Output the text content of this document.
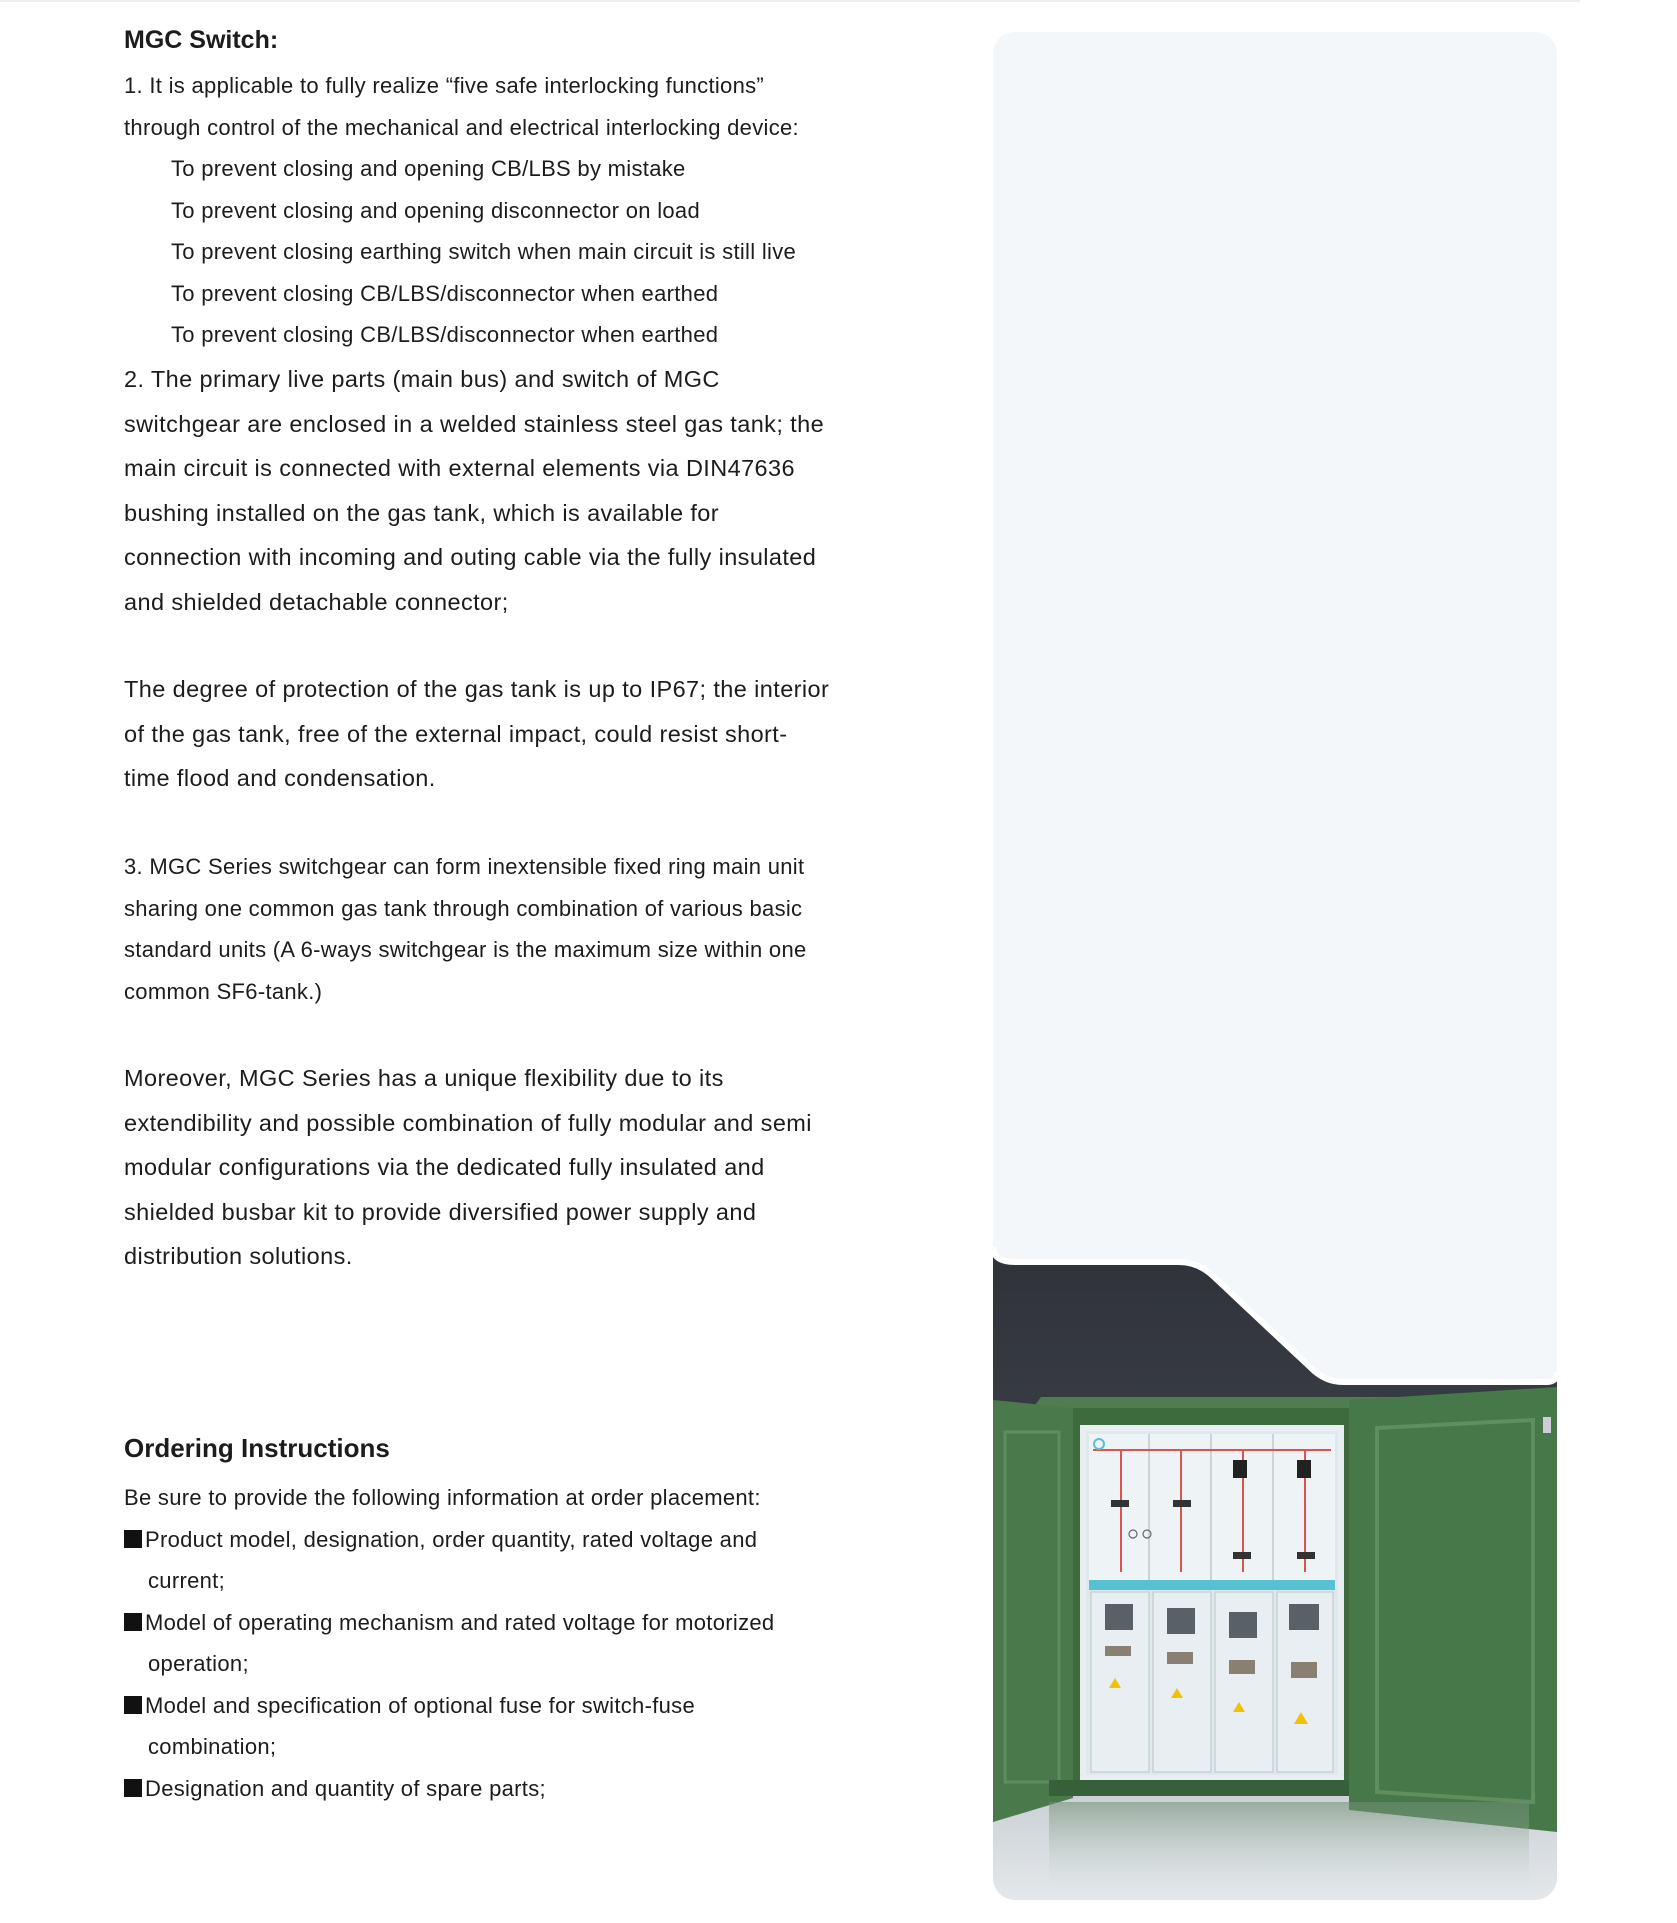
MGC Switch:
1. It is applicable to fully realize “five safe interlocking functions”
through control of the mechanical and electrical interlocking device:
To prevent closing and opening CB/LBS by mistake
To prevent closing and opening disconnector on load
To prevent closing earthing switch when main circuit is still live
To prevent closing CB/LBS/disconnector when earthed
To prevent closing CB/LBS/disconnector when earthed
2. The primary live parts (main bus) and switch of MGC
switchgear are enclosed in a welded stainless steel gas tank; the
main circuit is connected with external elements via DIN47636
bushing installed on the gas tank, which is available for
connection with incoming and outing cable via the fully insulated
and shielded detachable connector;
The degree of protection of the gas tank is up to IP67; the interior
of the gas tank, free of the external impact, could resist short-
time flood and condensation.
3. MGC Series switchgear can form inextensible fixed ring main unit
sharing one common gas tank through combination of various basic
standard units (A 6-ways switchgear is the maximum size within one
common SF6-tank.)
Moreover, MGC Series has a unique flexibility due to its
extendibility and possible combination of fully modular and semi
modular configurations via the dedicated fully insulated and
shielded busbar kit to provide diversified power supply and
distribution solutions.
Ordering Instructions
Be sure to provide the following information at order placement:
Product model, designation, order quantity, rated voltage and
current;
Model of operating mechanism and rated voltage for motorized
operation;
Model and specification of optional fuse for switch-fuse
combination;
Designation and quantity of spare parts;
